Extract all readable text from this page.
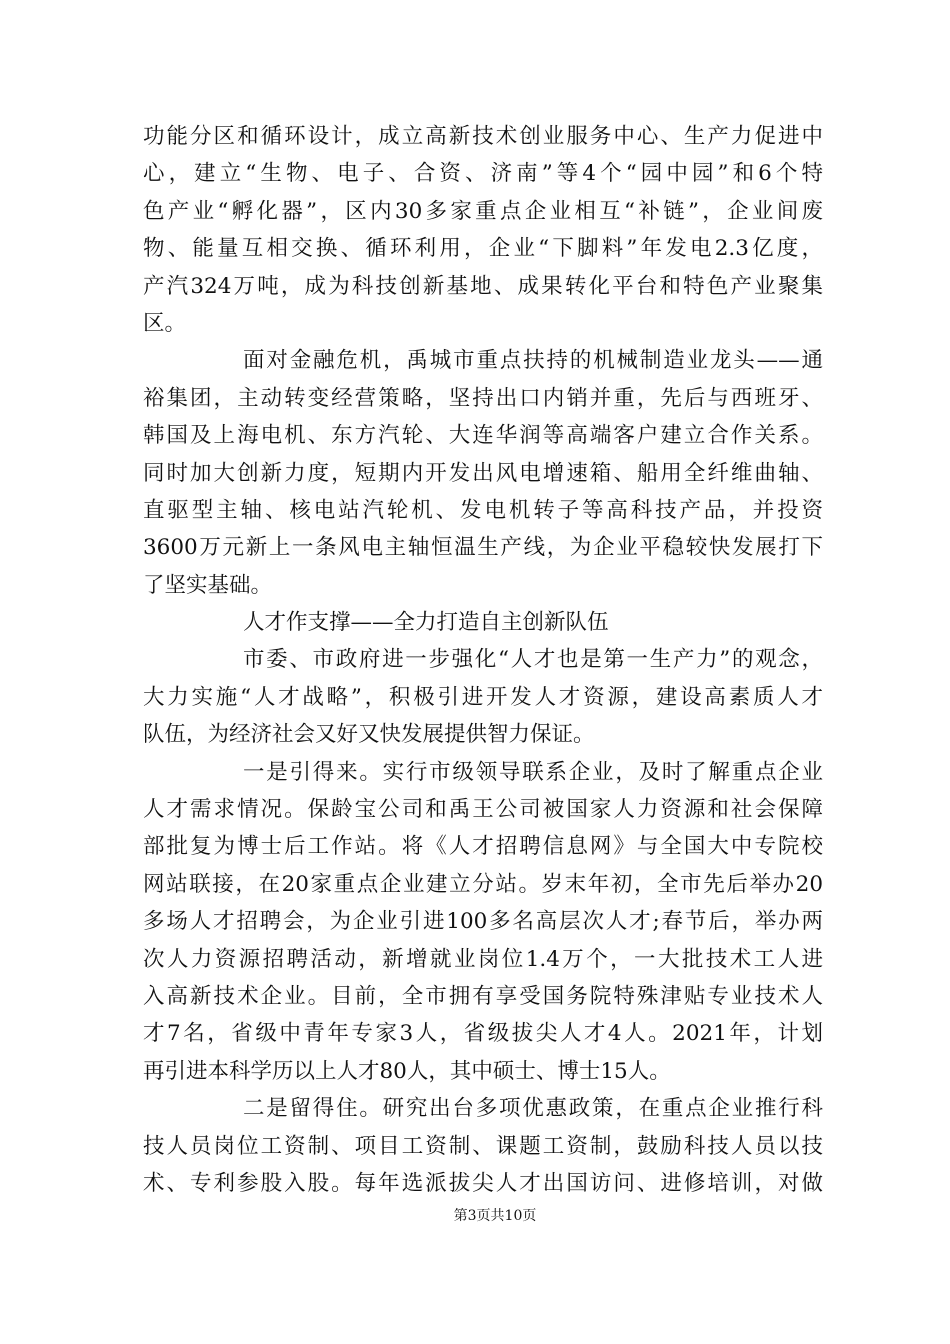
功能分区和循环设计，成立高新技术创业服务中心、生产力促进中
心，建立“生物、电子、合资、济南”等4个“园中园”和6个特
色产业“孵化器”，区内30多家重点企业相互“补链”，企业间废
物、能量互相交换、循环利用，企业“下脚料”年发电2.3亿度，
产汽324万吨，成为科技创新基地、成果转化平台和特色产业聚集
区。
面对金融危机，禹城市重点扶持的机械制造业龙头——通
裕集团，主动转变经营策略，坚持出口内销并重，先后与西班牙、
韩国及上海电机、东方汽轮、大连华润等高端客户建立合作关系。
同时加大创新力度，短期内开发出风电增速箱、船用全纤维曲轴、
直驱型主轴、核电站汽轮机、发电机转子等高科技产品，并投资
3600万元新上一条风电主轴恒温生产线，为企业平稳较快发展打下
了坚实基础。
人才作支撑——全力打造自主创新队伍
市委、市政府进一步强化“人才也是第一生产力”的观念，
大力实施“人才战略”，积极引进开发人才资源，建设高素质人才
队伍，为经济社会又好又快发展提供智力保证。
一是引得来。实行市级领导联系企业，及时了解重点企业
人才需求情况。保龄宝公司和禹王公司被国家人力资源和社会保障
部批复为博士后工作站。将《人才招聘信息网》与全国大中专院校
网站联接，在20家重点企业建立分站。岁末年初，全市先后举办20
多场人才招聘会，为企业引进100多名高层次人才;春节后，举办两
次人力资源招聘活动，新增就业岗位1.4万个，一大批技术工人进
入高新技术企业。目前，全市拥有享受国务院特殊津贴专业技术人
才7名，省级中青年专家3人，省级拔尖人才4人。2021年，计划
再引进本科学历以上人才80人，其中硕士、博士15人。
二是留得住。研究出台多项优惠政策，在重点企业推行科
技人员岗位工资制、项目工资制、课题工资制，鼓励科技人员以技
术、专利参股入股。每年选派拔尖人才出国访问、进修培训，对做
第3页共10页
